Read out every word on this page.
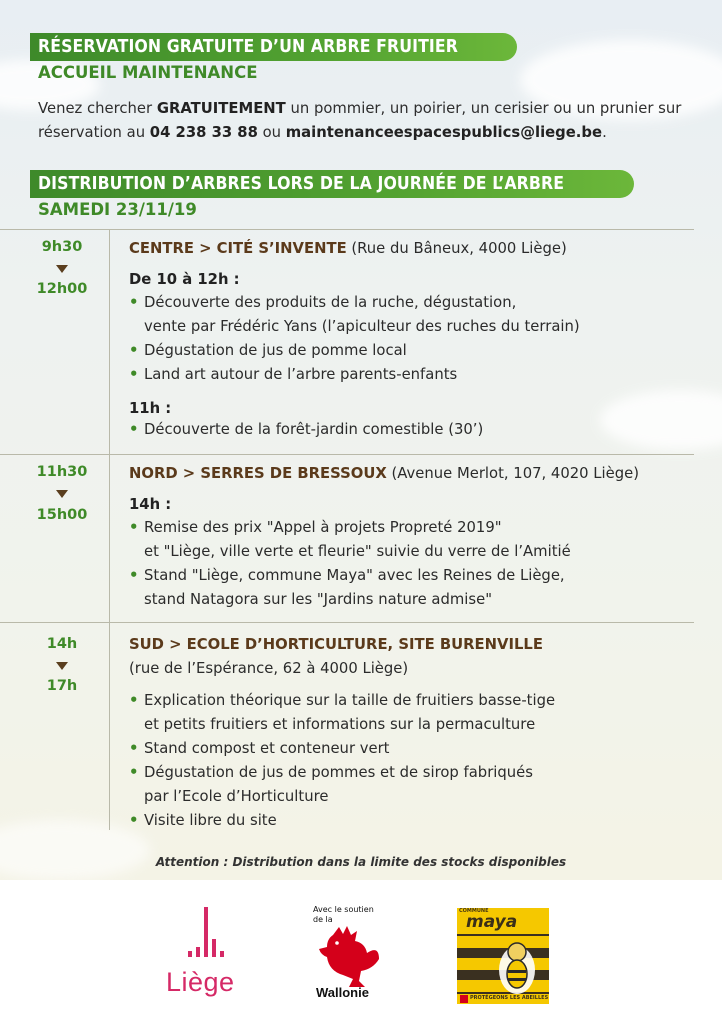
RÉSERVATION GRATUITE D’UN ARBRE FRUITIER
ACCUEIL MAINTENANCE
Venez chercher GRATUITEMENT un pommier, un poirier, un cerisier ou un prunier sur réservation au 04 238 33 88 ou maintenanceespacespublics@liege.be.
DISTRIBUTION D’ARBRES LORS DE LA JOURNÉE DE L’ARBRE
SAMEDI 23/11/19
9h30
12h00
CENTRE > CITÉ S’INVENTE (Rue du Bâneux, 4000 Liège)
De 10 à 12h :
• Découverte des produits de la ruche, dégustation,
vente par Frédéric Yans (l’apiculteur des ruches du terrain)
• Dégustation de jus de pomme local
• Land art autour de l’arbre parents-enfants
11h :
• Découverte de la forêt-jardin comestible (30’)
11h30
15h00
NORD > SERRES DE BRESSOUX (Avenue Merlot, 107, 4020 Liège)
14h :
• Remise des prix "Appel à projets Propreté 2019"
et "Liège, ville verte et fleurie" suivie du verre de l’Amitié
• Stand "Liège, commune Maya" avec les Reines de Liège,
stand Natagora sur les "Jardins nature admise"
14h
17h
SUD > ECOLE D’HORTICULTURE, SITE BURENVILLE
(rue de l’Espérance, 62 à 4000 Liège)
• Explication théorique sur la taille de fruitiers basse-tige
et petits fruitiers et informations sur la permaculture
• Stand compost et conteneur vert
• Dégustation de jus de pommes et de sirop fabriqués
par l’Ecole d’Horticulture
• Visite libre du site
Attention : Distribution dans la limite des stocks disponibles
Liège
Avec le soutien de la
Wallonie
COMMUNE
maya
PROTÉGEONS LES ABEILLES
